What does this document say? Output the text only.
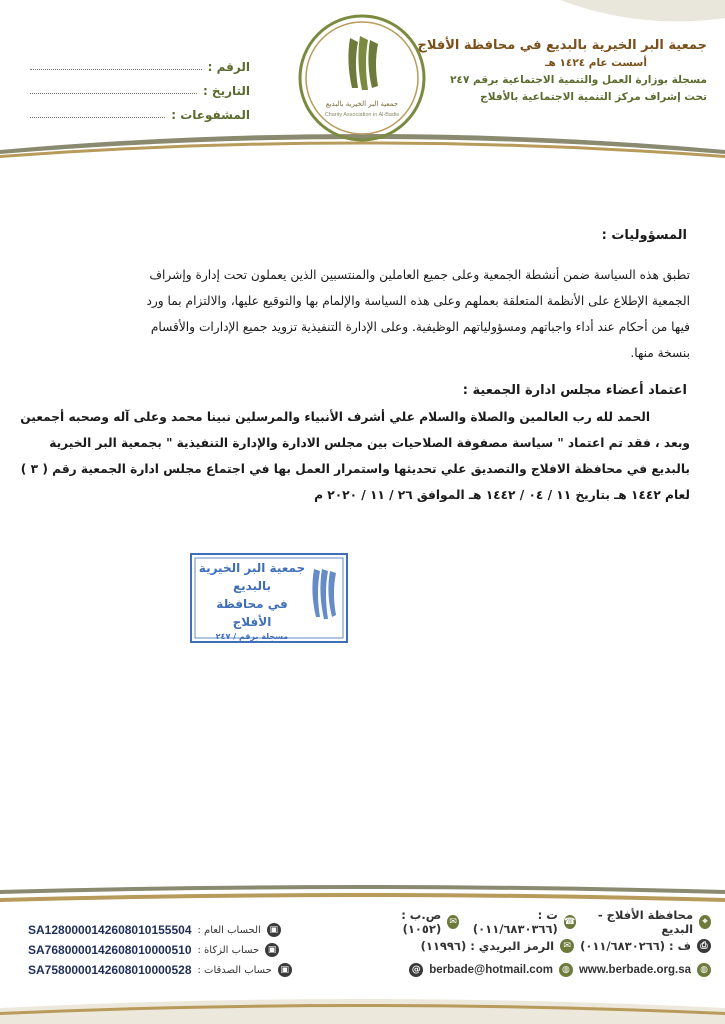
جمعية البر الخيرية بالبديع في محافظة الأفلاج
أسست عام ١٤٢٤ هـ
مسجلة بوزارة العمل والتنمية الاجتماعية برقم ٢٤٧
تحت إشراف مركز التنمية الاجتماعية بالأفلاج
جمعية البر الخيرية بالبديع
Charity Association in Al-Badie
الرقم :
التاريخ :
المشفوعات :
المسؤوليات :
تطبق هذه السياسة ضمن أنشطة الجمعية وعلى جميع العاملين والمنتسبين الذين يعملون تحت إدارة وإشراف
الجمعية الإطلاع على الأنظمة المتعلقة بعملهم وعلى هذه السياسة والإلمام بها والتوقيع عليها، والالتزام بما ورد
فيها من أحكام عند أداء واجباتهم ومسؤولياتهم الوظيفية. وعلى الإدارة التنفيذية تزويد جميع الإدارات والأقسام
بنسخة منها.
اعتماد أعضاء مجلس ادارة الجمعية :
الحمد لله رب العالمين والصلاة والسلام علي أشرف الأنبياء والمرسلين نبينا محمد وعلى آله وصحبه أجمعين
وبعد ، فقد تم اعتماد " سياسة مصفوفة الصلاحيات بين مجلس الادارة والإدارة التنفيذية " بجمعية البر الخيرية
بالبديع في محافظة الافلاج والتصديق علي تحديثها واستمرار العمل بها في اجتماع مجلس ادارة الجمعية رقم ( ٣ )
لعام ١٤٤٢ هـ بتاريخ ١١ / ٠٤ / ١٤٤٢ هـ الموافق ٢٦ / ١١ / ٢٠٢٠ م
جمعية البر الخيرية
بالبديع
في محافظة الأفلاج
مسجلة برقم / ٢٤٧
⌖
محافظة الأفلاج - البديع
☎
ت : (٠١١/٦٨٣٠٣٦٦)
✉
ص.ب : (١٠٥٢)
⎙
ف : (٠١١/٦٨٣٠٢٦٦)
✉
الرمز البريدي : (١١٩٩٦)
◍
www.berbade.org.sa
◍
berbade@hotmail.com
@
SA1280000142608010155504 الحساب العام : ▣
SA7680000142608010000510 حساب الزكاة : ▣
SA7580000142608010000528 حساب الصدقات : ▣
